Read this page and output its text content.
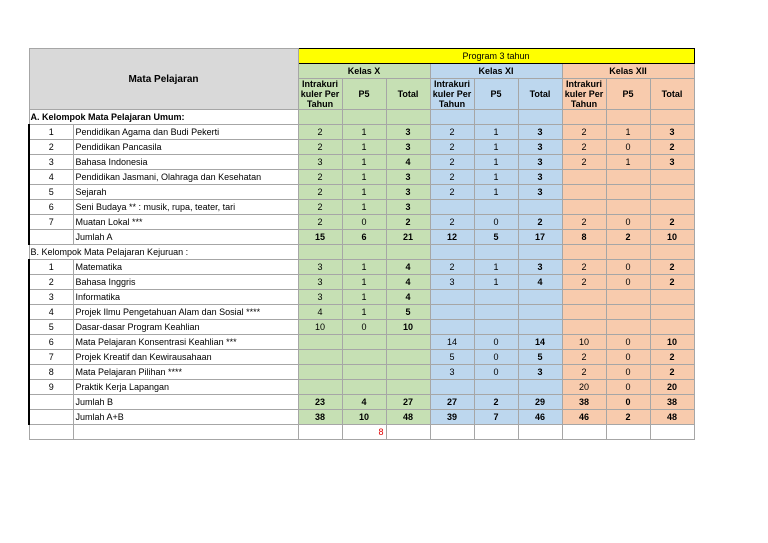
Mata Pelajaran		Program 3 tahun								
		Kelas X			Kelas XI			Kelas XII		
		Intrakuri kuler Per Tahun	P5	Total	Intrakuri kuler Per Tahun	P5	Total	Intrakuri kuler Per Tahun	P5	Total
A. Kelompok Mata Pelajaran Umum:										
1	Pendidikan Agama dan Budi Pekerti	2	1	3	2	1	3	2	1	3
2	Pendidikan Pancasila	2	1	3	2	1	3	2	0	2
3	Bahasa Indonesia	3	1	4	2	1	3	2	1	3
4	Pendidikan Jasmani, Olahraga dan Kesehatan	2	1	3	2	1	3			
5	Sejarah	2	1	3	2	1	3			
6	Seni Budaya ** : musik, rupa, teater, tari	2	1	3						
7	Muatan Lokal ***	2	0	2	2	0	2	2	0	2
	Jumlah A	15	6	21	12	5	17	8	2	10
B. Kelompok Mata Pelajaran Kejuruan :										
1	Matematika	3	1	4	2	1	3	2	0	2
2	Bahasa Inggris	3	1	4	3	1	4	2	0	2
3	Informatika	3	1	4						
4	Projek Ilmu Pengetahuan Alam dan Sosial ****	4	1	5						
5	Dasar-dasar Program Keahlian	10	0	10						
6	Mata Pelajaran Konsentrasi Keahlian ***				14	0	14	10	0	10
7	Projek Kreatif dan Kewirausahaan				5	0	5	2	0	2
8	Mata Pelajaran Pilihan ****				3	0	3	2	0	2
9	Praktik Kerja Lapangan							20	0	20
	Jumlah B	23	4	27	27	2	29	38	0	38
	Jumlah A+B	38	10	48	39	7	46	46	2	48
			8							
